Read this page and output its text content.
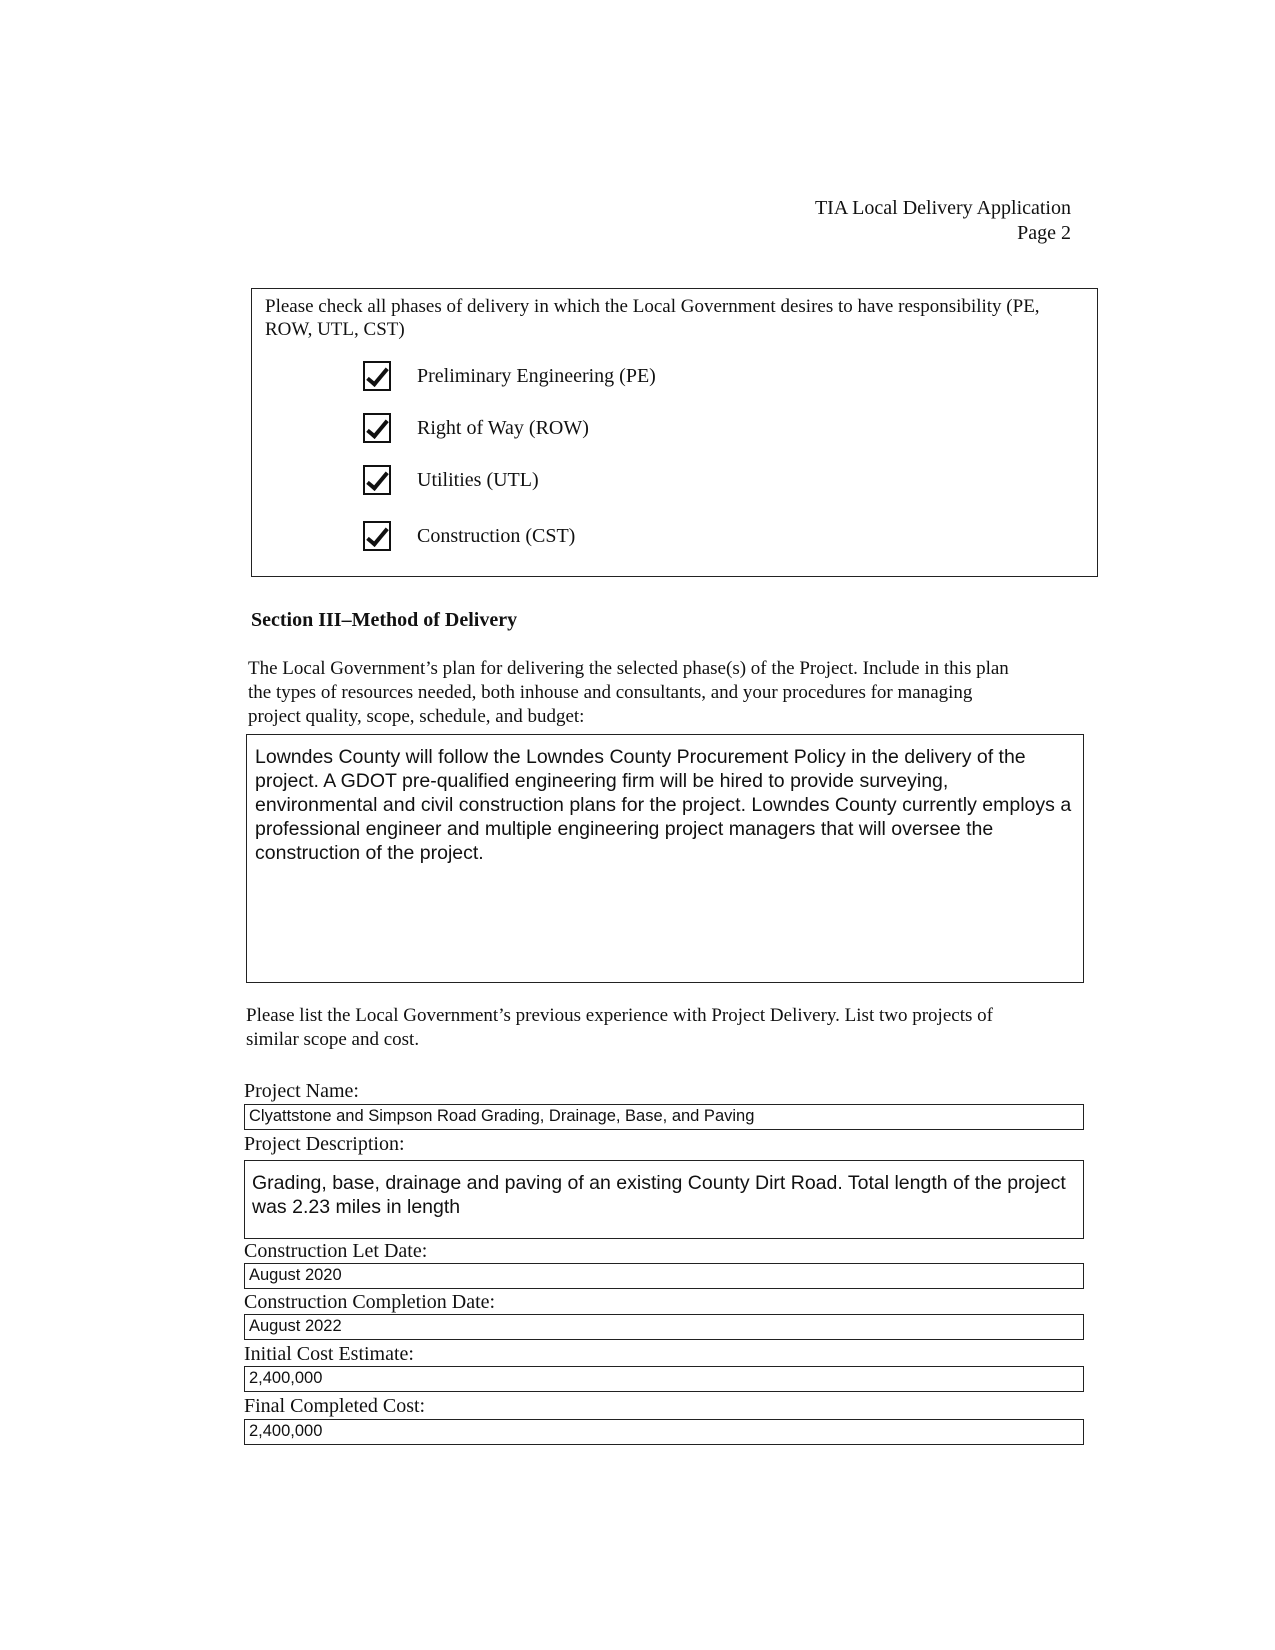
TIA Local Delivery Application
Page 2
Please check all phases of delivery in which the Local Government desires to have responsibility (PE, ROW, UTL, CST)
Preliminary Engineering (PE)
Right of Way (ROW)
Utilities (UTL)
Construction (CST)
Section III–Method of Delivery
The Local Government’s plan for delivering the selected phase(s) of the Project. Include in this plan the types of resources needed, both inhouse and consultants, and your procedures for managing project quality, scope, schedule, and budget:
Lowndes County will follow the Lowndes County Procurement Policy in the delivery of the project. A GDOT pre-qualified engineering firm will be hired to provide surveying, environmental and civil construction plans for the project. Lowndes County currently employs a professional engineer and multiple engineering project managers that will oversee the construction of the project.
Please list the Local Government’s previous experience with Project Delivery. List two projects of similar scope and cost.
Project Name:
Clyattstone and Simpson Road Grading, Drainage, Base, and Paving
Project Description:
Grading, base, drainage and paving of an existing County Dirt Road. Total length of the project was 2.23 miles in length
Construction Let Date:
August 2020
Construction Completion Date:
August 2022
Initial Cost Estimate:
2,400,000
Final Completed Cost:
2,400,000
